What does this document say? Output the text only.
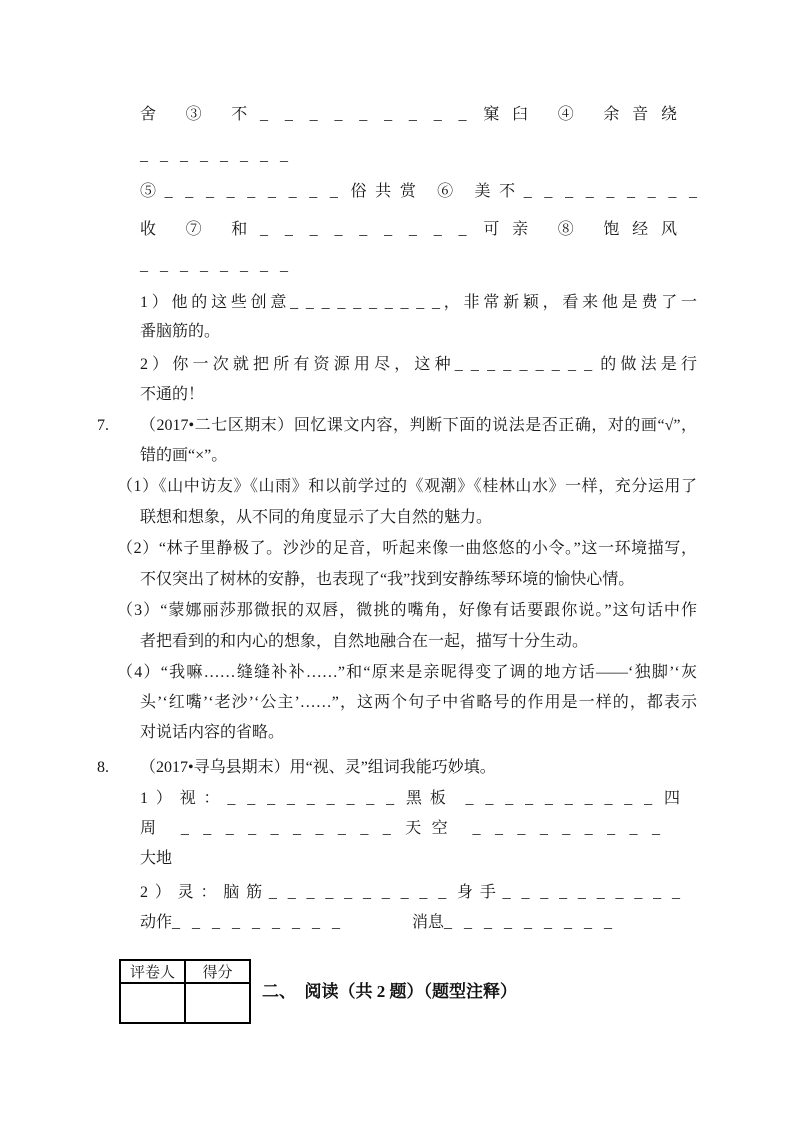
舍 ③ 不_ _ _ _ _ _ _ _ _ 窠臼 ④ 余音绕
_ _ _ _ _ _ _ _
⑤_ _ _ _ _ _ _ _ _ 俗共赏 ⑥ 美不_ _ _ _ _ _ _ _ _
收 ⑦ 和_ _ _ _ _ _ _ _ _ 可亲 ⑧ 饱经风
_ _ _ _ _ _ _ _
1）他的这些创意_ _ _ _ _ _ _ _ _ _，非常新颖，看来他是费了一
番脑筋的。
2）你一次就把所有资源用尽，这种_ _ _ _ _ _ _ _ _ 的做法是行
不通的！
7. （2017•二七区期末）回忆课文内容，判断下面的说法是否正确，对的画“√”，
错的画“×”。
（1）《山中访友》《山雨》和以前学过的《观潮》《桂林山水》一样，充分运用了
联想和想象，从不同的角度显示了大自然的魅力。
（2）“林子里静极了。沙沙的足音，听起来像一曲悠悠的小令。”这一环境描写，
不仅突出了树林的安静，也表现了“我”找到安静练琴环境的愉快心情。
（3）“蒙娜丽莎那微抿的双唇，微挑的嘴角，好像有话要跟你说。”这句话中作
者把看到的和内心的想象，自然地融合在一起，描写十分生动。
（4）“我嘛……缝缝补补……”和“原来是亲昵得变了调的地方话——‘独脚’‘灰
头’‘红嘴’‘老沙’‘公主’……”，这两个句子中省略号的作用是一样的，都表示
对说话内容的省略。
8. （2017•寻乌县期末）用“视、灵”组词我能巧妙填。
1）视：_ _ _ _ _ _ _ _ _ 黑板 _ _ _ _ _ _ _ _ _ _ 四
周 _ _ _ _ _ _ _ _ _ _ 天空 _ _ _ _ _ _ _ _ _
大地
2）灵：脑筋_ _ _ _ _ _ _ _ _ _ 身手_ _ _ _ _ _ _ _ _ _
动作_ _ _ _ _ _ _ _ _      消息_ _ _ _ _ _ _ _ _
评卷人	得分

二、  阅读（共 2 题）（题型注释）
